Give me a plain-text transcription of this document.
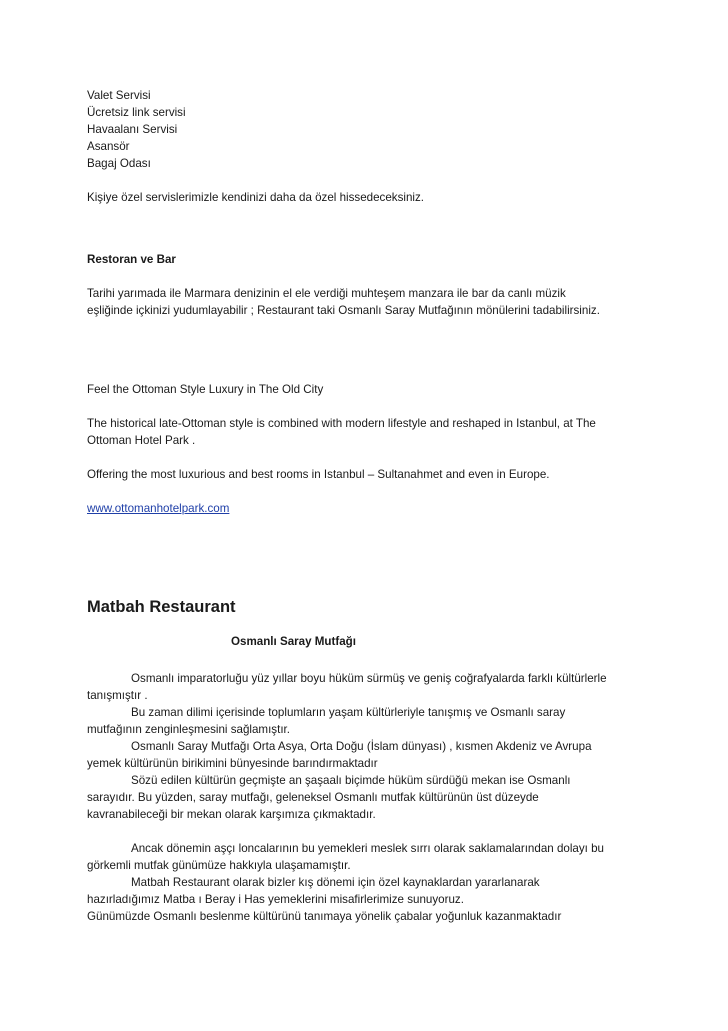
Valet Servisi
Ücretsiz link servisi
Havaalanı Servisi
Asansör
Bagaj Odası
Kişiye özel servislerimizle kendinizi daha da özel hissedeceksiniz.
Restoran ve Bar
Tarihi yarımada ile Marmara denizinin el ele verdiği muhteşem manzara ile bar da canlı müzik
eşliğinde içkinizi yudumlayabilir ; Restaurant taki Osmanlı Saray Mutfağının mönülerini tadabilirsiniz.
Feel the Ottoman Style Luxury in The Old City
The historical late-Ottoman style is combined with modern lifestyle and reshaped in Istanbul, at The
Ottoman Hotel Park .
Offering the most luxurious and best rooms in Istanbul – Sultanahmet and even in Europe.
www.ottomanhotelpark.com
Matbah Restaurant
Osmanlı Saray Mutfağı
Osmanlı imparatorluğu yüz yıllar boyu hüküm sürmüş ve geniş coğrafyalarda farklı kültürlerle
tanışmıştır .
Bu zaman dilimi içerisinde toplumların yaşam kültürleriyle tanışmış ve Osmanlı saray
mutfağının zenginleşmesini sağlamıştır.
Osmanlı Saray Mutfağı Orta Asya, Orta Doğu (İslam dünyası) , kısmen Akdeniz ve Avrupa
yemek kültürünün birikimini bünyesinde barındırmaktadır
Sözü edilen kültürün geçmişte an şaşaalı biçimde hüküm sürdüğü mekan ise Osmanlı
sarayıdır. Bu yüzden, saray mutfağı, geleneksel Osmanlı mutfak kültürünün üst düzeyde
kavranabileceği bir mekan olarak karşımıza çıkmaktadır.
Ancak dönemin aşçı loncalarının bu yemekleri meslek sırrı olarak saklamalarından dolayı bu
görkemli mutfak günümüze hakkıyla ulaşamamıştır.
Matbah Restaurant olarak bizler kış dönemi için özel kaynaklardan yararlanarak
hazırladığımız Matba ı Beray i Has yemeklerini misafirlerimize sunuyoruz.
Günümüzde Osmanlı beslenme kültürünü tanımaya yönelik çabalar yoğunluk kazanmaktadır
